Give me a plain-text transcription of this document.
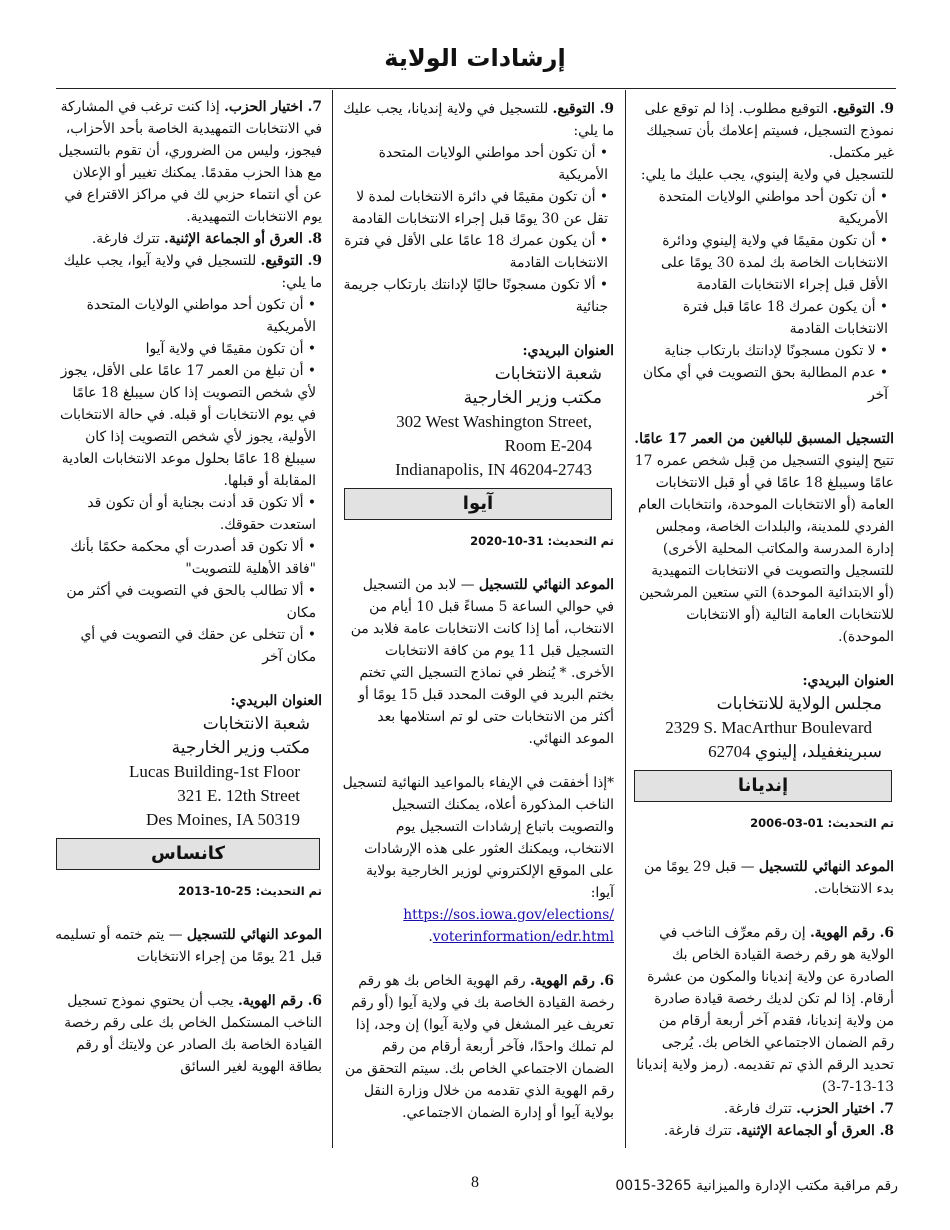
إرشادات الولاية

9. التوقيع. التوقيع مطلوب. إذا لم توقع على نموذج التسجيل، فسيتم إعلامك بأن تسجيلك غير مكتمل.

للتسجيل في ولاية إلينوي، يجب عليك ما يلي:

• أن تكون أحد مواطني الولايات المتحدة الأمريكية

• أن تكون مقيمًا في ولاية إلينوي ودائرة الانتخابات الخاصة بك لمدة 30 يومًا على الأقل قبل إجراء الانتخابات القادمة

• أن يكون عمرك 18 عامًا قبل فترة الانتخابات القادمة

• لا تكون مسجونًا لإدانتك بارتكاب جناية

• عدم المطالبة بحق التصويت في أي مكان آخر

التسجيل المسبق للبالغين من العمر 17 عامًا. تتيح إلينوي التسجيل من قِبل شخص عمره 17 عامًا وسيبلغ 18 عامًا في أو قبل الانتخابات العامة (أو الانتخابات الموحدة، وانتخابات العام الفردي للمدينة، والبلدات الخاصة، ومجلس إدارة المدرسة والمكاتب المحلية الأخرى) للتسجيل والتصويت في الانتخابات التمهيدية (أو الابتدائية الموحدة) التي ستعين المرشحين للانتخابات العامة التالية (أو الانتخابات الموحدة).

العنوان البريدي:

مجلس الولاية للانتخابات

2329 S. MacArthur Boulevard

سبرينغفيلد، إلينوي 62704

إنديانا

تم التحديث: 01-03-2006

الموعد النهائي للتسجيل — قبل 29 يومًا من بدء الانتخابات.

6. رقم الهوية. إن رقم معرِّف الناخب في الولاية هو رقم رخصة القيادة الخاص بك الصادرة عن ولاية إنديانا والمكون من عشرة أرقام. إذا لم تكن لديك رخصة قيادة صادرة من ولاية إنديانا، فقدم آخر أربعة أرقام من رقم الضمان الاجتماعي الخاص بك. يُرجى تحديد الرقم الذي تم تقديمه. (رمز ولاية إنديانا 13-13-7-3)

7. اختيار الحزب. تترك فارغة.

8. العرق أو الجماعة الإثنية. تترك فارغة.

9. التوقيع. للتسجيل في ولاية إنديانا، يجب عليك ما يلي:

• أن تكون أحد مواطني الولايات المتحدة الأمريكية

• أن تكون مقيمًا في دائرة الانتخابات لمدة لا تقل عن 30 يومًا قبل إجراء الانتخابات القادمة

• أن يكون عمرك 18 عامًا على الأقل في فترة الانتخابات القادمة

• ألا تكون مسجونًا حاليًا لإدانتك بارتكاب جريمة جنائية

العنوان البريدي:

شعبة الانتخابات

مكتب وزير الخارجية

302 West Washington Street,

Room E-204

Indianapolis, IN 46204-2743

آيوا

تم التحديث: 31-10-2020

الموعد النهائي للتسجيل — لابد من التسجيل في حوالي الساعة 5 مساءً قبل 10 أيام من الانتخاب، أما إذا كانت الانتخابات عامة فلابد من التسجيل قبل 11 يوم من كافة الانتخابات الأخرى. * يُنظر في نماذج التسجيل التي تختم بختم البريد في الوقت المحدد قبل 15 يومًا أو أكثر من الانتخابات حتى لو تم استلامها بعد الموعد النهائي.

*إذا أخفقت في الإيفاء بالمواعيد النهائية لتسجيل الناخب المذكورة أعلاه، يمكنك التسجيل والتصويت باتباع إرشادات التسجيل يوم الانتخاب، ويمكنك العثور على هذه الإرشادات على الموقع الإلكتروني لوزير الخارجية بولاية آيوا:

https://sos.iowa.gov/elections/
voterinformation/edr.html.

6. رقم الهوية. رقم الهوية الخاص بك هو رقم رخصة القيادة الخاصة بك في ولاية آيوا (أو رقم تعريف غير المشغل في ولاية آيوا) إن وجد، إذا لم تملك واحدًا، فآخر أربعة أرقام من رقم الضمان الاجتماعي الخاص بك. سيتم التحقق من رقم الهوية الذي تقدمه من خلال وزارة النقل بولاية آيوا أو إدارة الضمان الاجتماعي.

7. اختيار الحزب. إذا كنت ترغب في المشاركة في الانتخابات التمهيدية الخاصة بأحد الأحزاب، فيجوز، وليس من الضروري، أن تقوم بالتسجيل مع هذا الحزب مقدمًا. يمكنك تغيير أو الإعلان عن أي انتماء حزبي لك في مراكز الاقتراع في يوم الانتخابات التمهيدية.

8. العرق أو الجماعة الإثنية. تترك فارغة.

9. التوقيع. للتسجيل في ولاية آيوا، يجب عليك ما يلي:

• أن تكون أحد مواطني الولايات المتحدة الأمريكية

• أن تكون مقيمًا في ولاية آيوا

• أن تبلغ من العمر 17 عامًا على الأقل، يجوز لأي شخص التصويت إذا كان سيبلغ 18 عامًا في يوم الانتخابات أو قبله. في حالة الانتخابات الأولية، يجوز لأي شخص التصويت إذا كان سيبلغ 18 عامًا بحلول موعد الانتخابات العادية المقابلة أو قبلها.

• ألا تكون قد أدنت بجناية أو أن تكون قد استعدت حقوقك.

• ألا تكون قد أصدرت أي محكمة حكمًا بأنك "فاقد الأهلية للتصويت"

• ألا تطالب بالحق في التصويت في أكثر من مكان

• أن تتخلى عن حقك في التصويت في أي مكان آخر

العنوان البريدي:

شعبة الانتخابات

مكتب وزير الخارجية

Lucas Building-1st Floor

321 E. 12th Street

Des Moines, IA 50319

كانساس

تم التحديث: 25-10-2013

الموعد النهائي للتسجيل — يتم ختمه أو تسليمه قبل 21 يومًا من إجراء الانتخابات

6. رقم الهوية. يجب أن يحتوي نموذج تسجيل الناخب المستكمل الخاص بك على رقم رخصة القيادة الخاصة بك الصادر عن ولايتك أو رقم بطاقة الهوية لغير السائق

8	رقم مراقبة مكتب الإدارة والميزانية 3265-0015
